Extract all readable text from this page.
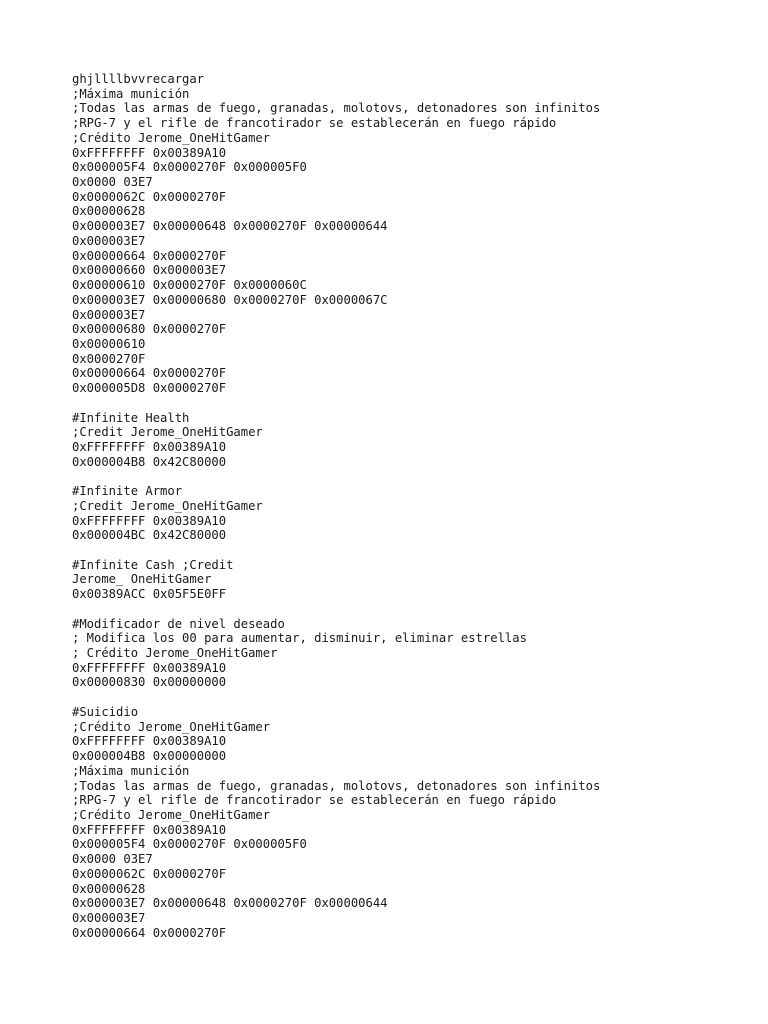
ghjllllbvvrecargar
;Máxima munición
;Todas las armas de fuego, granadas, molotovs, detonadores son infinitos
;RPG-7 y el rifle de francotirador se establecerán en fuego rápido
;Crédito Jerome_OneHitGamer
0xFFFFFFFF 0x00389A10
0x000005F4 0x0000270F 0x000005F0
0x0000 03E7
0x0000062C 0x0000270F
0x00000628
0x000003E7 0x00000648 0x0000270F 0x00000644
0x000003E7
0x00000664 0x0000270F
0x00000660 0x000003E7
0x00000610 0x0000270F 0x0000060C
0x000003E7 0x00000680 0x0000270F 0x0000067C
0x000003E7
0x00000680 0x0000270F
0x00000610
0x0000270F
0x00000664 0x0000270F
0x000005D8 0x0000270F
#Infinite Health
;Credit Jerome_OneHitGamer
0xFFFFFFFF 0x00389A10
0x000004B8 0x42C80000
#Infinite Armor
;Credit Jerome_OneHitGamer
0xFFFFFFFF 0x00389A10
0x000004BC 0x42C80000
#Infinite Cash ;Credit
Jerome_ OneHitGamer
0x00389ACC 0x05F5E0FF
#Modificador de nivel deseado
; Modifica los 00 para aumentar, disminuir, eliminar estrellas
; Crédito Jerome_OneHitGamer
0xFFFFFFFF 0x00389A10
0x00000830 0x00000000
#Suicidio
;Crédito Jerome_OneHitGamer
0xFFFFFFFF 0x00389A10
0x000004B8 0x00000000
;Máxima munición
;Todas las armas de fuego, granadas, molotovs, detonadores son infinitos
;RPG-7 y el rifle de francotirador se establecerán en fuego rápido
;Crédito Jerome_OneHitGamer
0xFFFFFFFF 0x00389A10
0x000005F4 0x0000270F 0x000005F0
0x0000 03E7
0x0000062C 0x0000270F
0x00000628
0x000003E7 0x00000648 0x0000270F 0x00000644
0x000003E7
0x00000664 0x0000270F
